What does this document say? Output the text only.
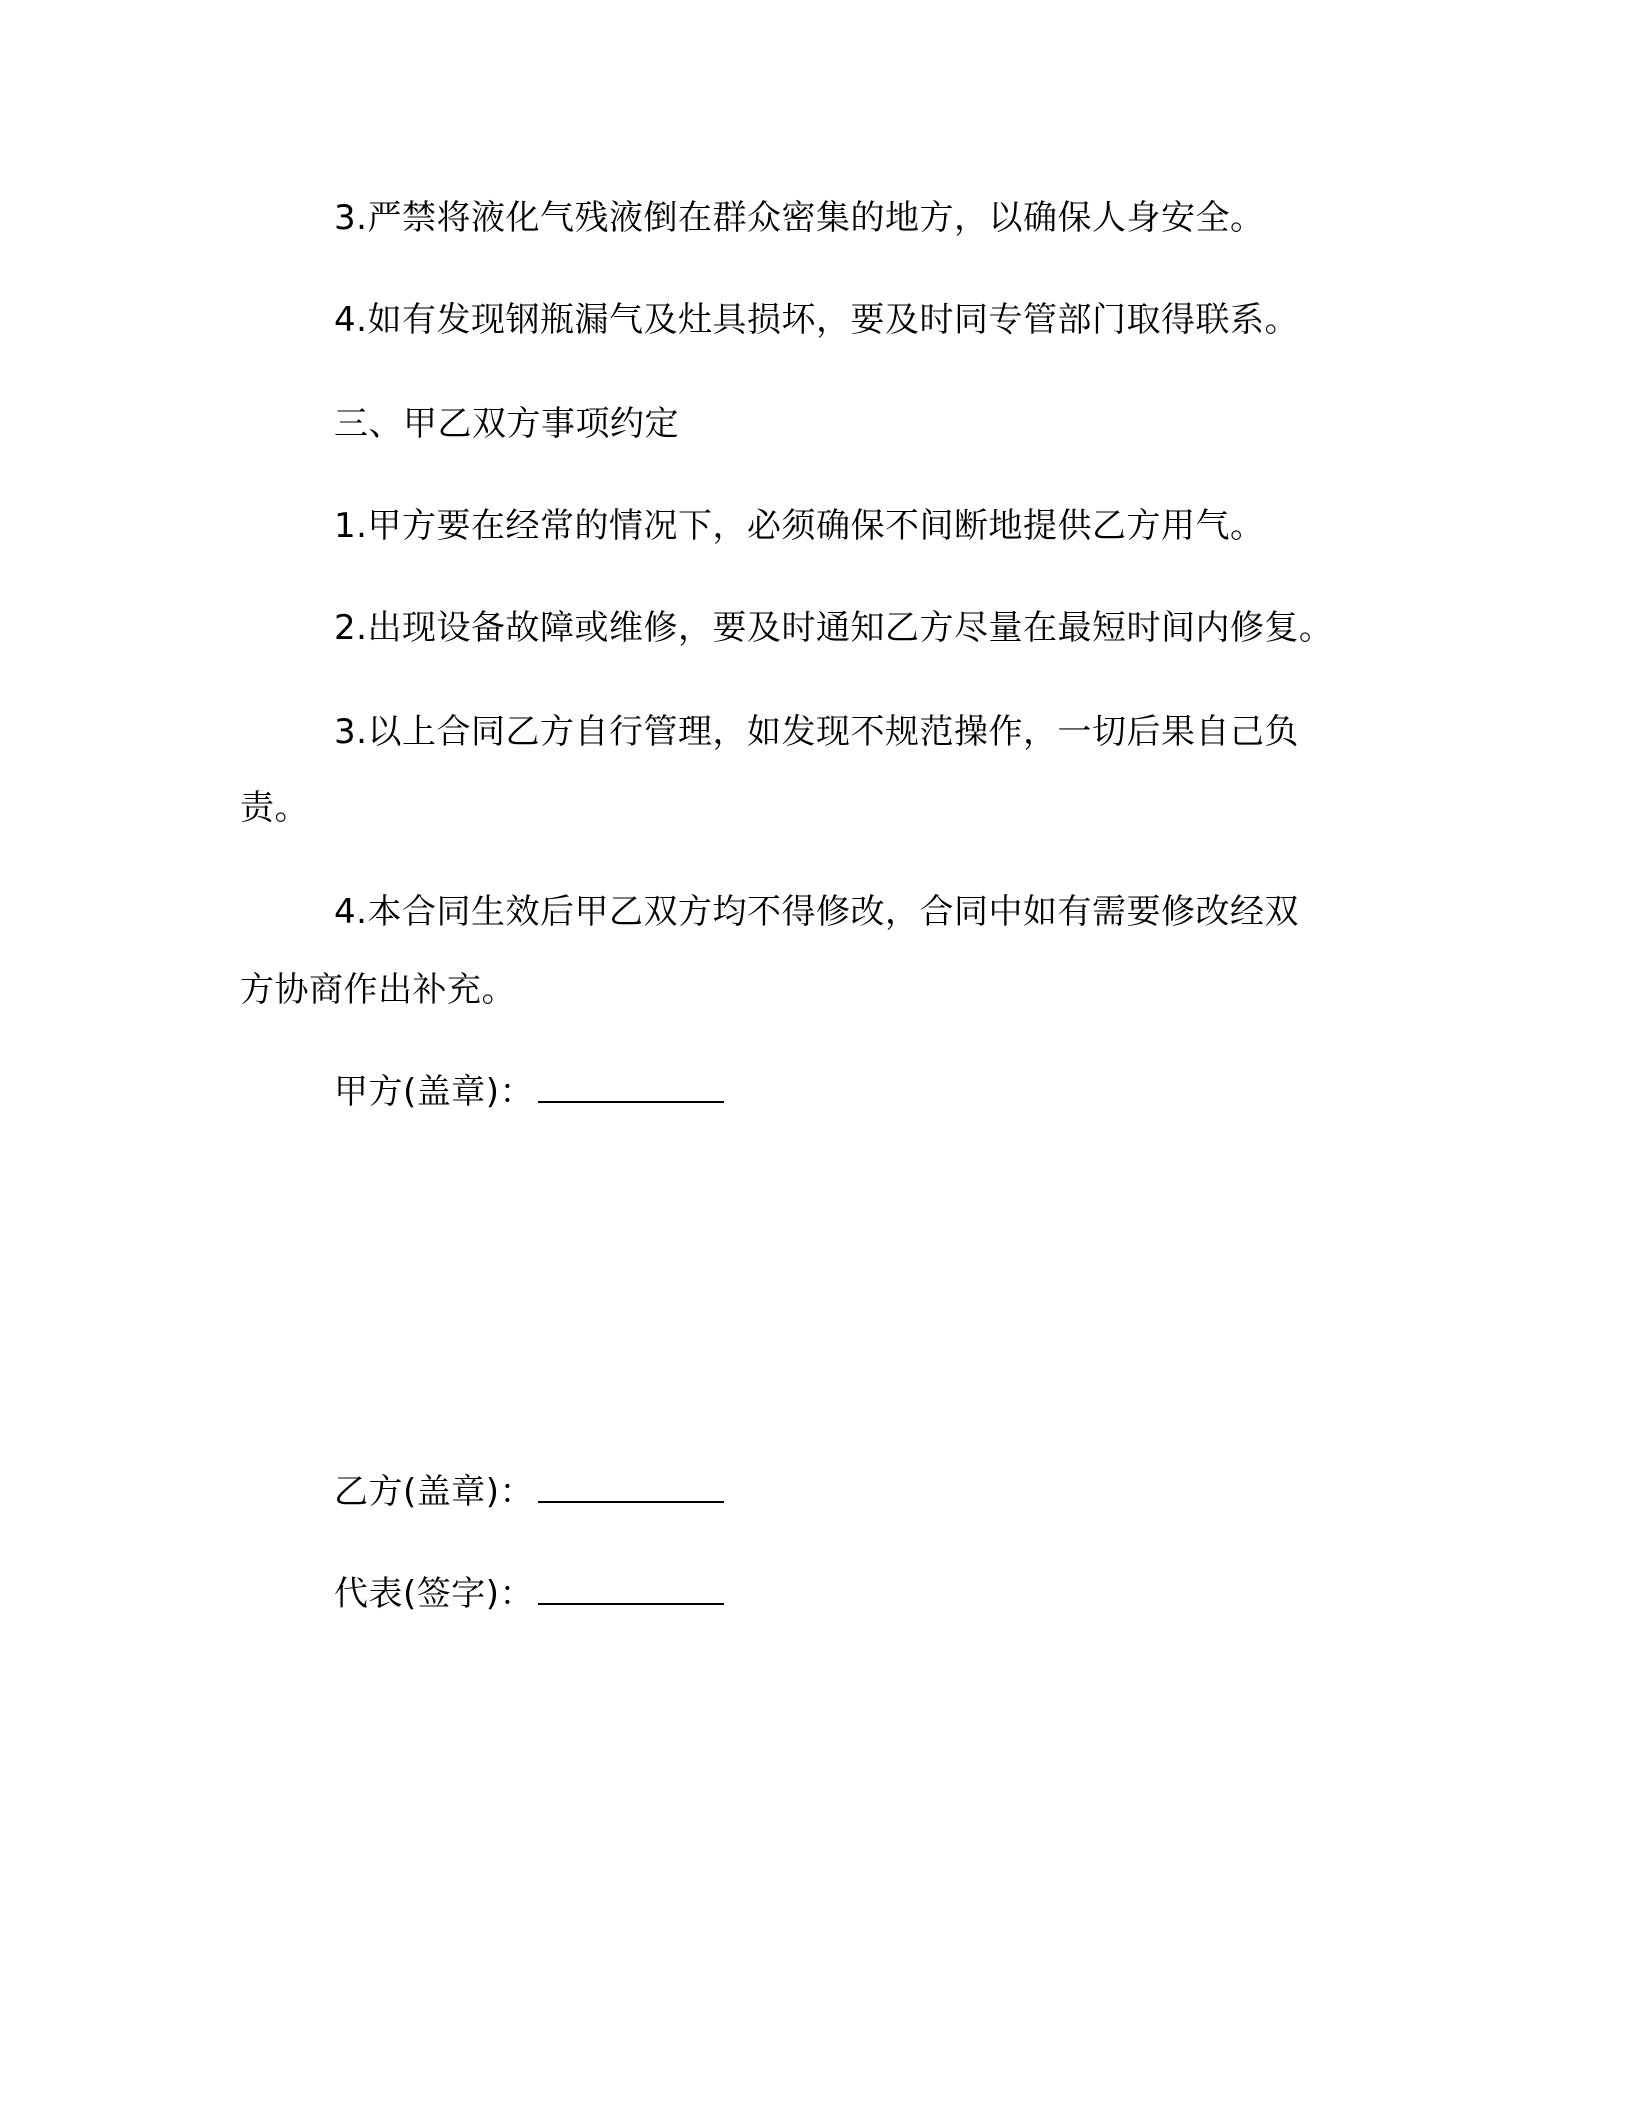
3.严禁将液化气残液倒在群众密集的地方，以确保人身安全。
4.如有发现钢瓶漏气及灶具损坏，要及时同专管部门取得联系。
三、甲乙双方事项约定
1.甲方要在经常的情况下，必须确保不间断地提供乙方用气。
2.出现设备故障或维修，要及时通知乙方尽量在最短时间内修复。
3.以上合同乙方自行管理，如发现不规范操作，一切后果自己负
责。
4.本合同生效后甲乙双方均不得修改，合同中如有需要修改经双
方协商作出补充。
甲方(盖章)：
乙方(盖章)：
代表(签字)：
